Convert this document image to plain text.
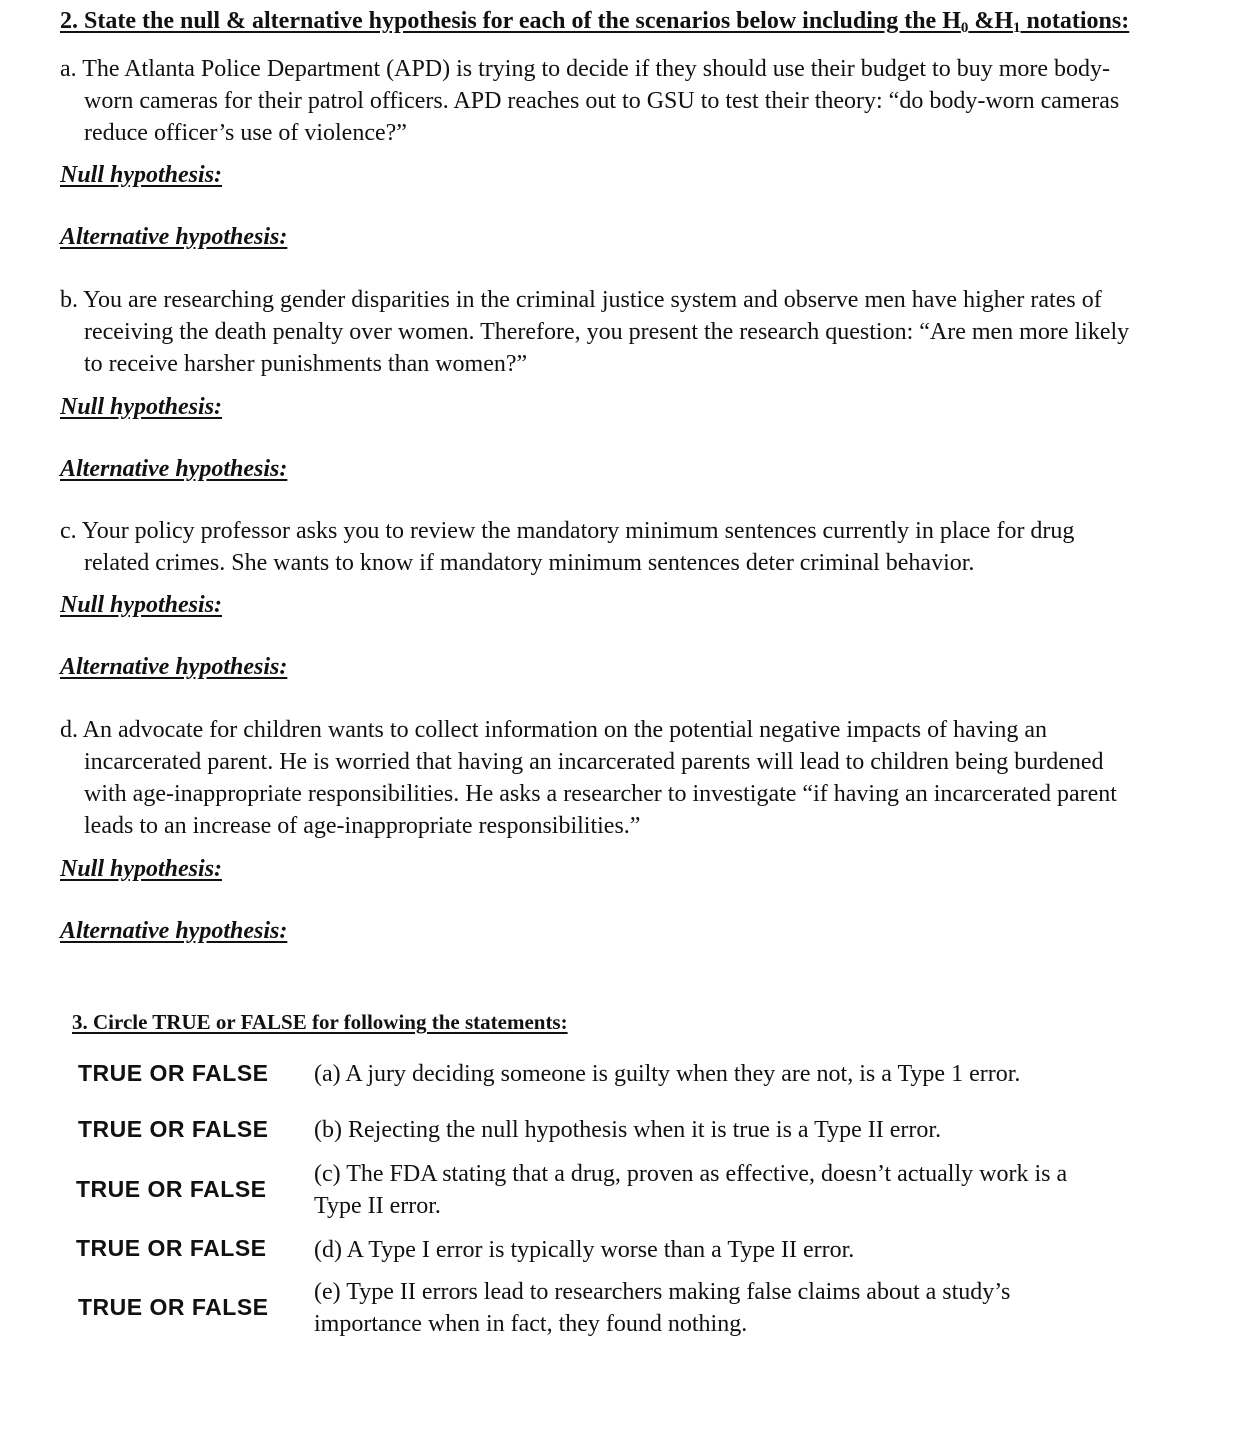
2. State the null & alternative hypothesis for each of the scenarios below including the $H_0$ $\&H_1$ notations:
a. The Atlanta Police Department (APD) is trying to decide if they should use their budget to buy more body-
worn cameras for their patrol officers. APD reaches out to GSU to test their theory: “do body-worn cameras
reduce officer’s use of violence?”
Null hypothesis:
Alternative hypothesis:
b. You are researching gender disparities in the criminal justice system and observe men have higher rates of
receiving the death penalty over women. Therefore, you present the research question: “Are men more likely
to receive harsher punishments than women?”
Null hypothesis:
Alternative hypothesis:
c. Your policy professor asks you to review the mandatory minimum sentences currently in place for drug
related crimes. She wants to know if mandatory minimum sentences deter criminal behavior.
Null hypothesis:
Alternative hypothesis:
d. An advocate for children wants to collect information on the potential negative impacts of having an
incarcerated parent. He is worried that having an incarcerated parents will lead to children being burdened
with age-inappropriate responsibilities. He asks a researcher to investigate “if having an incarcerated parent
leads to an increase of age-inappropriate responsibilities.”
Null hypothesis:
Alternative hypothesis:
3. Circle TRUE or FALSE for following the statements:
TRUE OR FALSE (a) A jury deciding someone is guilty when they are not, is a Type 1 error.
TRUE OR FALSE (b) Rejecting the null hypothesis when it is true is a Type II error.
TRUE OR FALSE
(c) The FDA stating that a drug, proven as effective, doesn’t actually work is a
Type II error.
TRUE OR FALSE (d) A Type I error is typically worse than a Type II error.
TRUE OR FALSE
(e) Type II errors lead to researchers making false claims about a study’s
importance when in fact, they found nothing.
